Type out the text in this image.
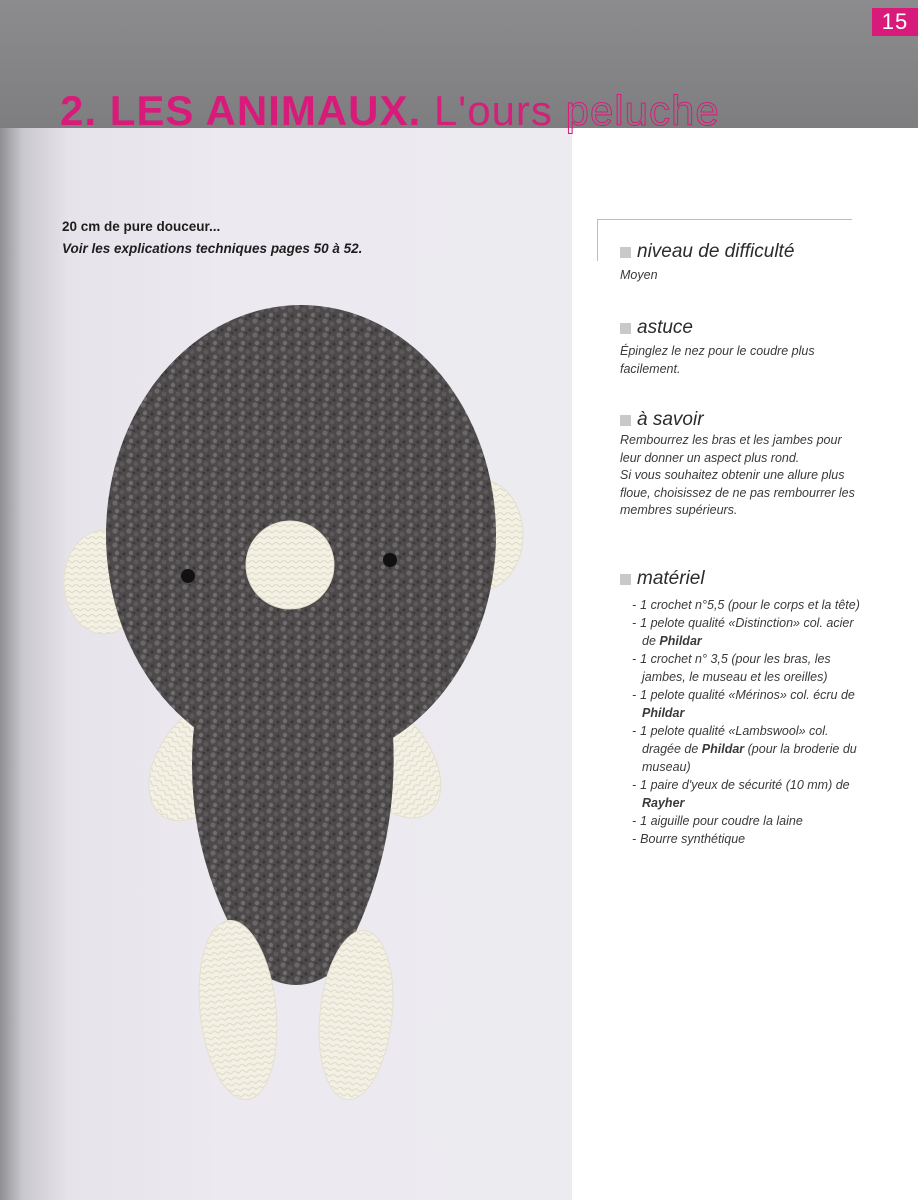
15
2. LES ANIMAUX. L'ours peluche
20 cm de pure douceur...
Voir les explications techniques pages 50 à 52.	niveau de difficulté

Moyen

astuce

Épinglez le nez pour le coudre plus facilement.

à savoir

Rembourrez les bras et les jambes pour leur donner un aspect plus rond.

Si vous souhaitez obtenir une allure plus floue, choisissez de ne pas rembourrer les membres supérieurs.

matériel
- 1 crochet n°5,5 (pour le corps et la tête)
- 1 pelote qualité «Distinction» col. acier de Phildar
- 1 crochet n° 3,5 (pour les bras, les jambes, le museau et les oreilles)
- 1 pelote qualité «Mérinos» col. écru de Phildar
- 1 pelote qualité «Lambswool» col. dragée de Phildar (pour la broderie du museau)
- 1 paire d'yeux de sécurité (10 mm) de Rayher
- 1 aiguille pour coudre la laine
- Bourre synthétique
